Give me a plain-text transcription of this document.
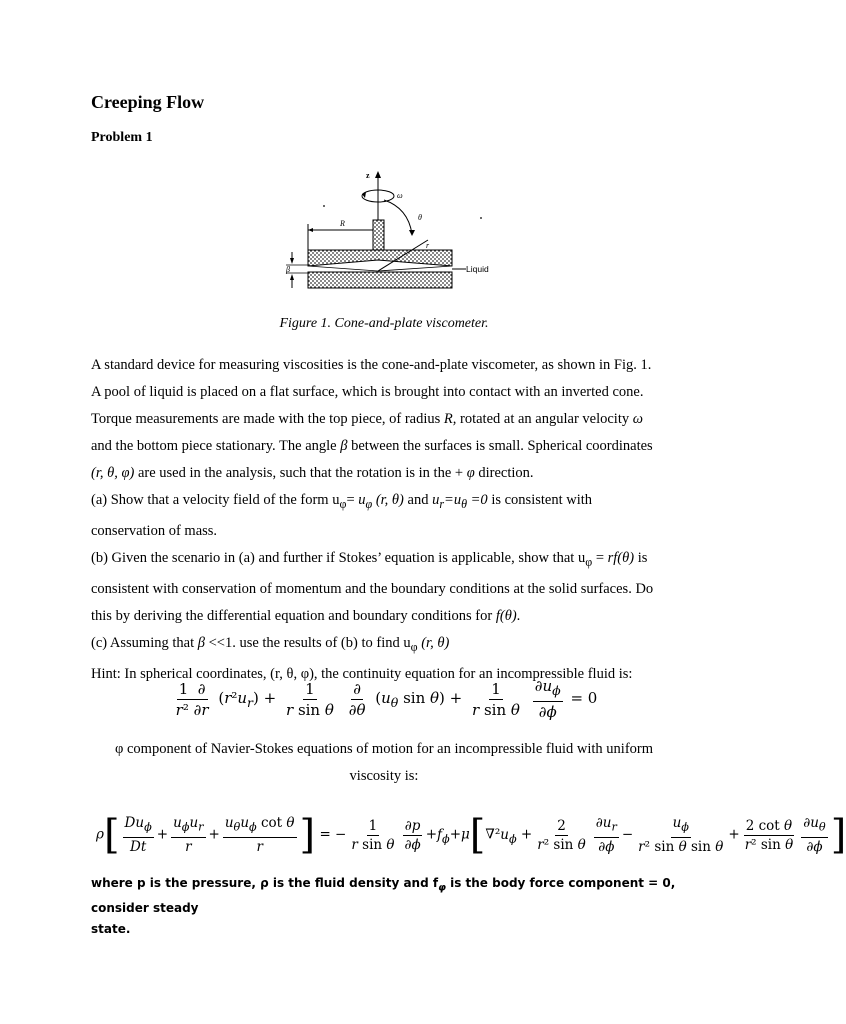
Creeping Flow
Problem 1
z
ω
R
θ
r
β	Liquid
Figure 1. Cone-and-plate viscometer.
A standard device for measuring viscosities is the cone-and-plate viscometer, as shown in Fig. 1.
A pool of liquid is placed on a flat surface, which is brought into contact with an inverted cone.
Torque measurements are made with the top piece, of radius R, rotated at an angular velocity ω
and the bottom piece stationary. The angle β between the surfaces is small. Spherical coordinates
(r, θ, φ) are used in the analysis, such that the rotation is in the + φ direction.
(a) Show that a velocity field of the form $u_\varphi= u_\varphi$ (r, θ) and $u_r=u_\theta =0$ is consistent with
conservation of mass.
(b) Given the scenario in (a) and further if Stokes’ equation is applicable, show that $u_\varphi = rf(\theta)$ is
consistent with conservation of momentum and the boundary conditions at the solid surfaces. Do
this by deriving the differential equation and boundary conditions for f(θ).
(c) Assuming that β <<1. use the results of (b) to find $u_\varphi$ (r, θ)
Hint: In spherical coordinates, (r, θ, φ), the continuity equation for an incompressible fluid is:
$\frac{1 \partial}{\text{r² ∂r}} (r^2u_r) + \frac{1}{\text{r sin θ}}$
$\frac{\partial}{\partial\theta} (u_\theta$ $\sin \theta) + \frac{1}{\text{r sin θ}}$
$\frac{\partial u_\phi}{\partial\phi} = 0$
φ component of Navier-Stokes equations of motion for an incompressible fluid with uniform
viscosity is:
$\rho[ \frac{Du_\phi}{Dt} + \frac{u_\phi u_r}{r} + \frac{u_\theta u_\phi \cot \theta}{r}$ ] = − $\frac{1}{\text{r sin θ}} \frac{\partial p}{\partial\phi} +f_\phi+\mu[\nabla^2u_\phi + \frac{2}{\text{r² sin θ}} \frac{\partial u_r}{\partial\phi} - \frac{u_\phi}{\text{r² sin θ sin θ}} + \frac{\text{2 cot θ}}{\text{r² sin θ}} \frac{\partial u_\theta}{\partial\phi}$ ]
where p is the pressure, ρ is the fluid density and $f_\varphi$ is the body force component = 0, consider steady
state.
